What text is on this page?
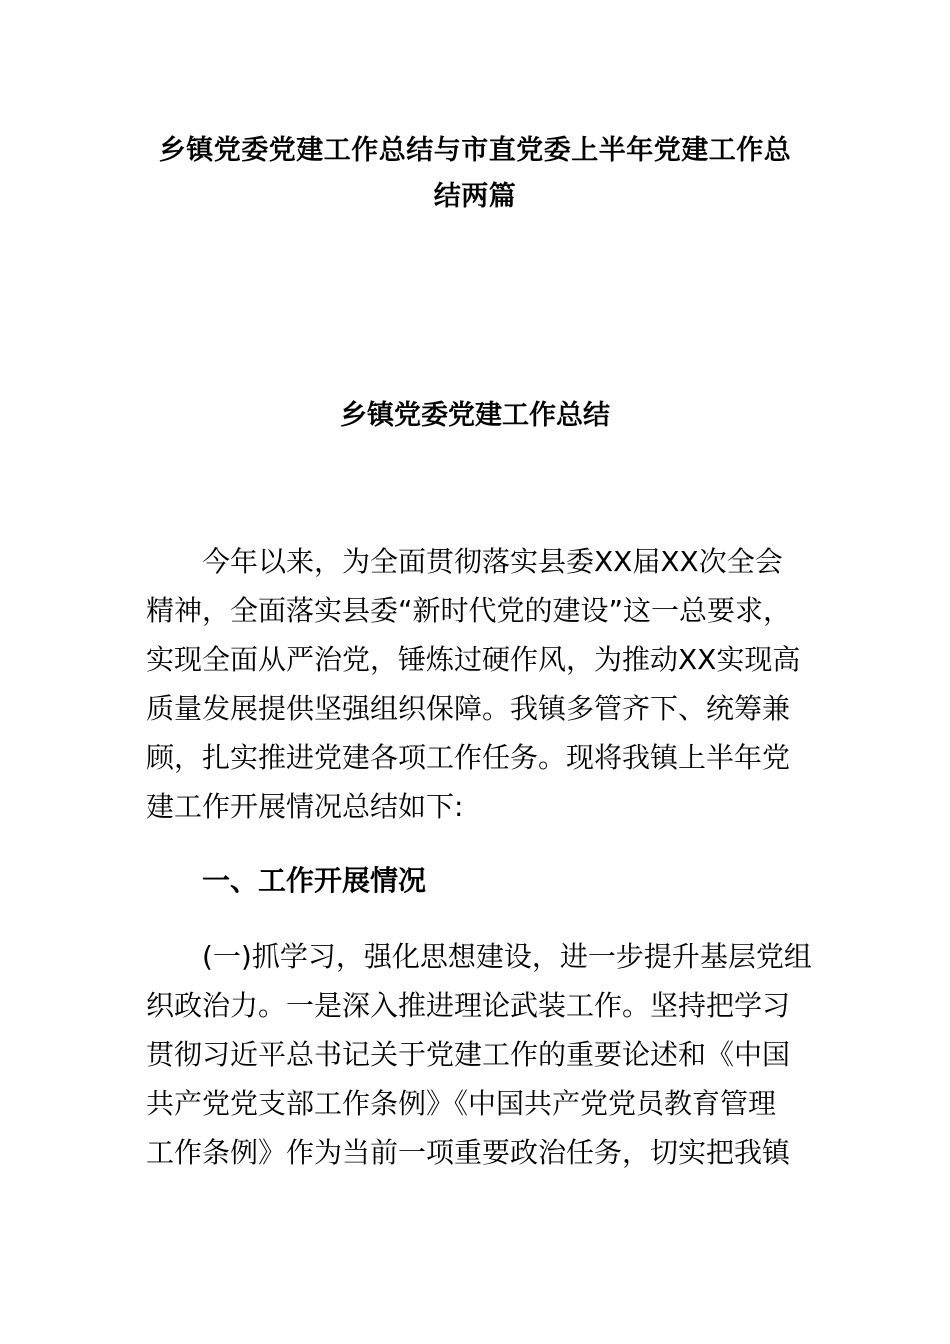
乡镇党委党建工作总结与市直党委上半年党建工作总
结两篇
乡镇党委党建工作总结
今年以来，为全面贯彻落实县委XX届XX次全会
精神，全面落实县委“新时代党的建设”这一总要求，
实现全面从严治党，锤炼过硬作风，为推动XX实现高
质量发展提供坚强组织保障。我镇多管齐下、统筹兼
顾，扎实推进党建各项工作任务。现将我镇上半年党
建工作开展情况总结如下:
一、工作开展情况
(一)抓学习，强化思想建设，进一步提升基层党组
织政治力。一是深入推进理论武装工作。坚持把学习
贯彻习近平总书记关于党建工作的重要论述和《中国
共产党党支部工作条例》《中国共产党党员教育管理
工作条例》作为当前一项重要政治任务，切实把我镇
